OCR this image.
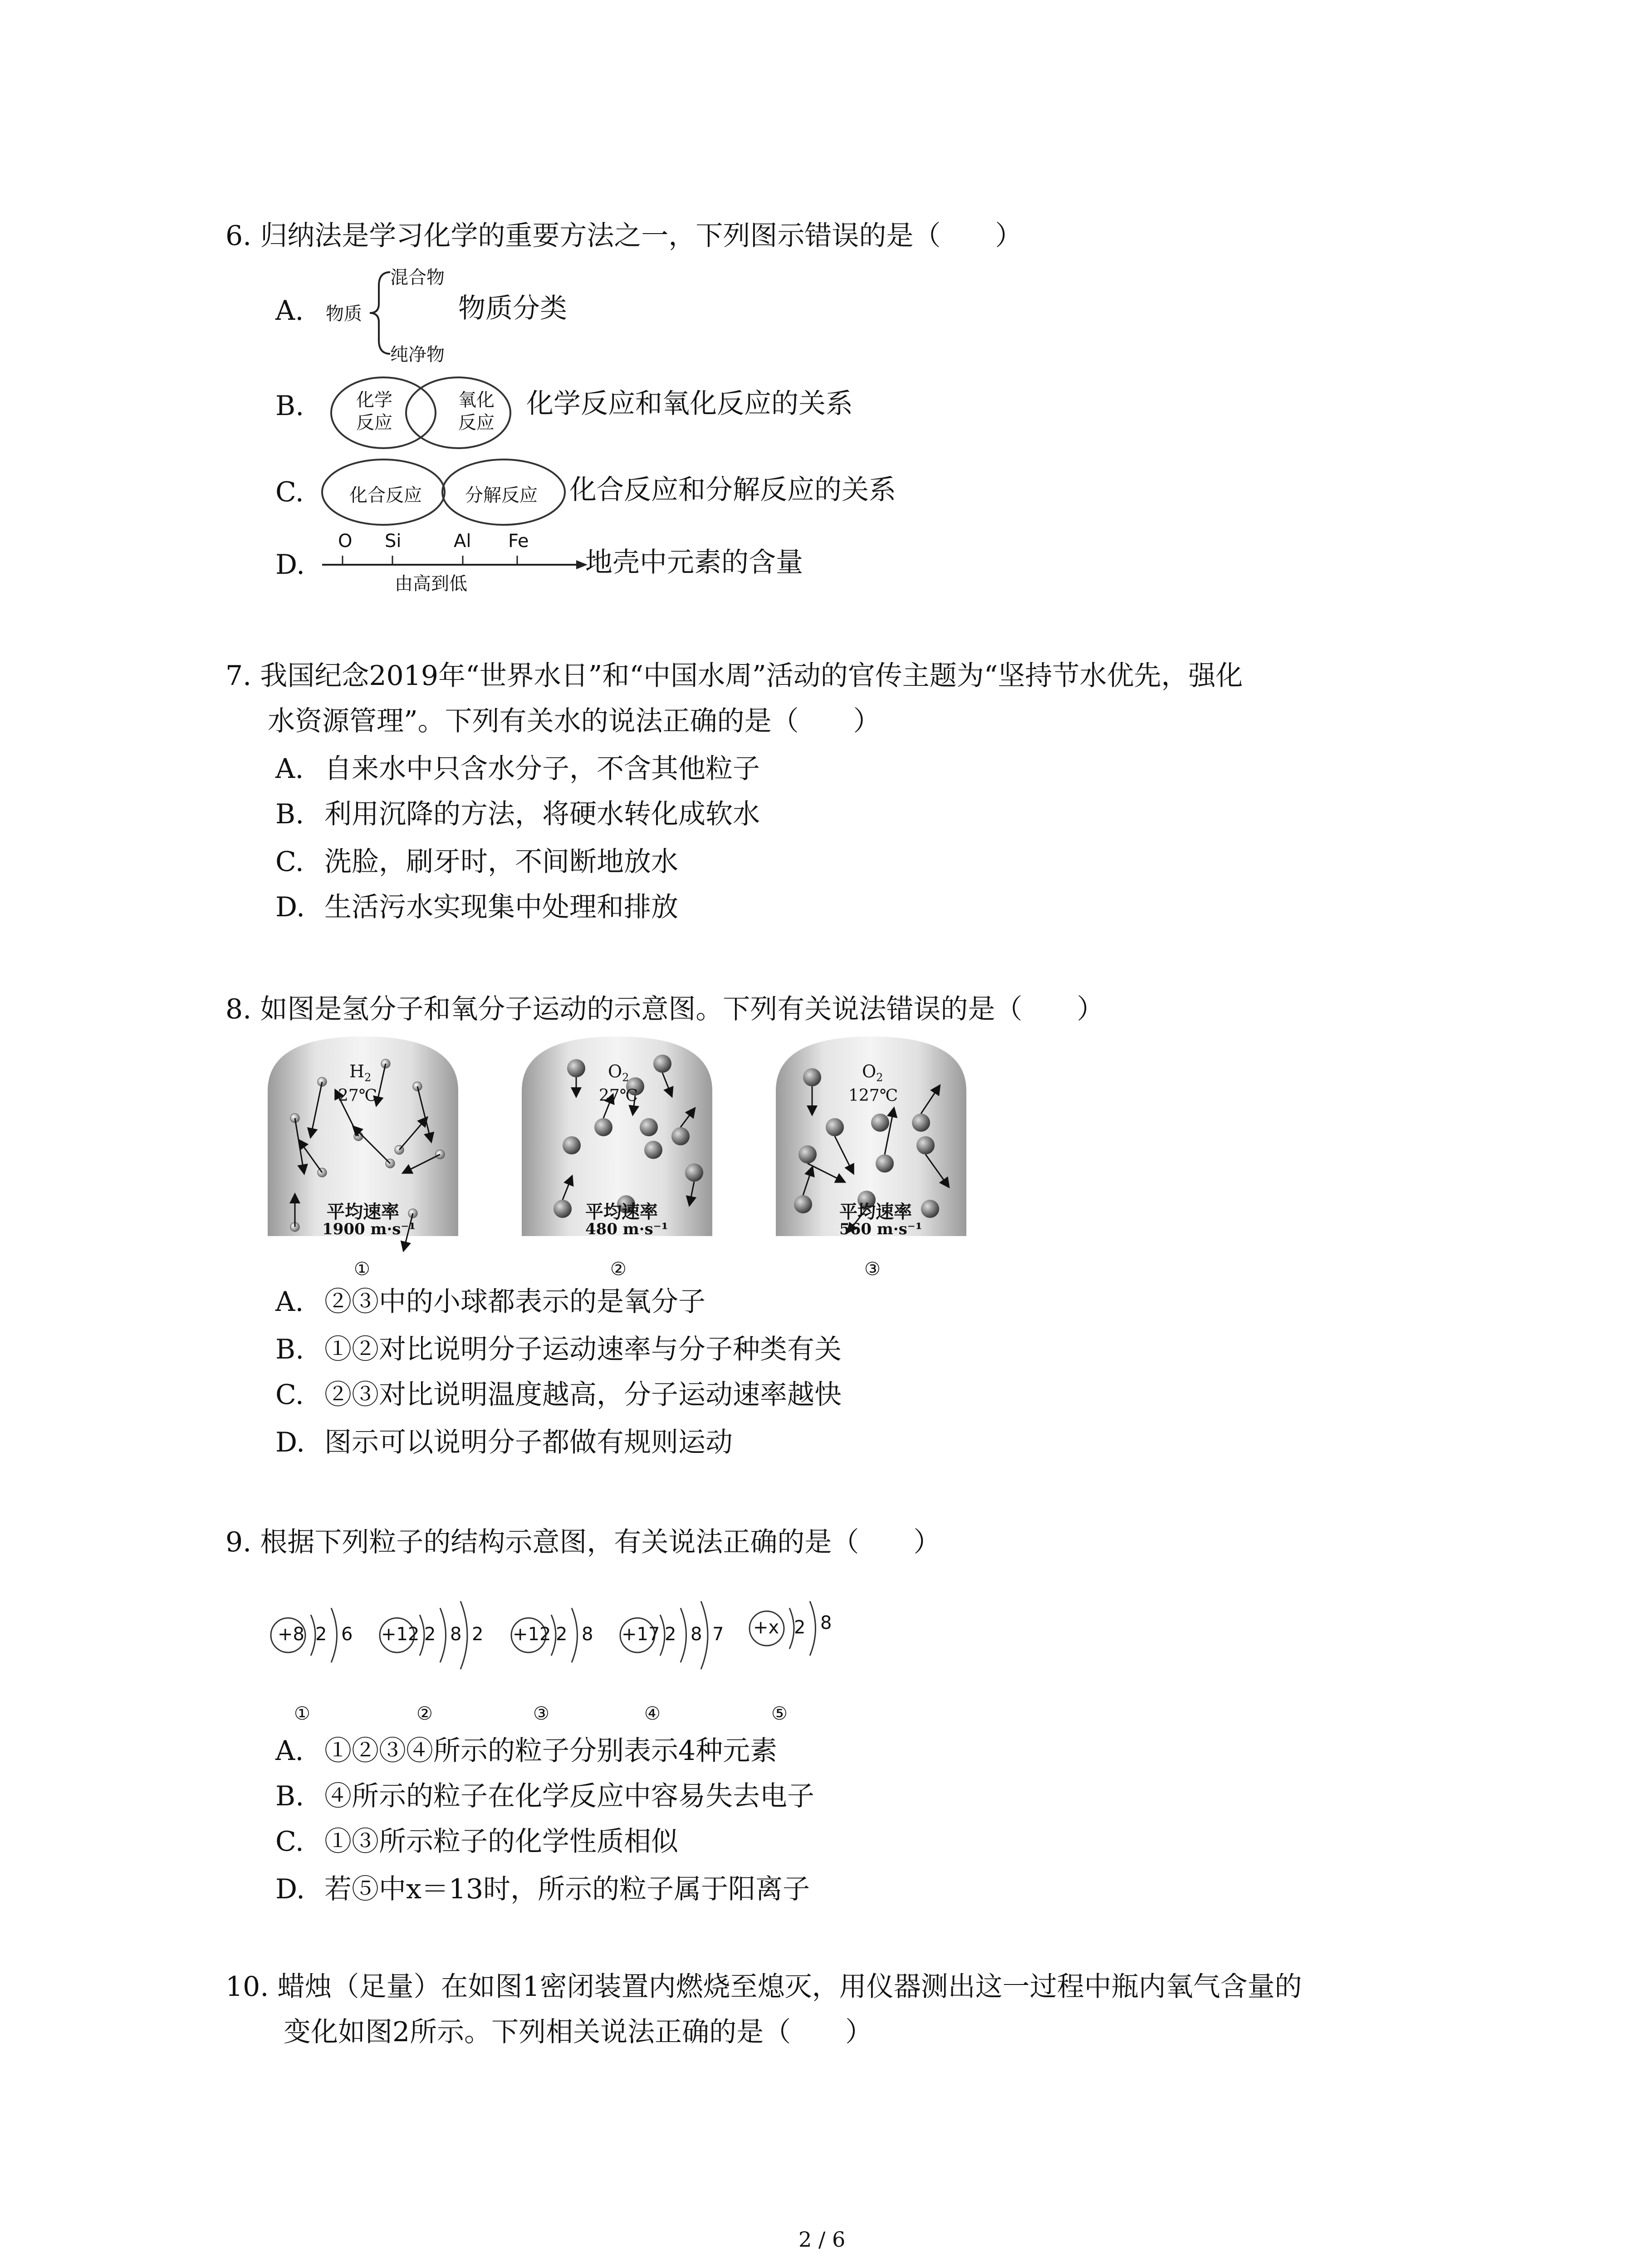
6. 归纳法是学习化学的重要方法之一，下列图示错误的是（　　）
A. 物质
混合物
纯净物
物质分类
B.	化学
反应
氧化
反应
化学反应和氧化反应的关系
C.	化合反应 分解反应 化合反应和分解反应的关系
D.
O Si	Al Fe
由高到低
地壳中元素的含量
7. 我国纪念2019年“世界水日”和“中国水周”活动的官传主题为“坚持节水优先，强化
水资源管理”。下列有关水的说法正确的是（　　）
A. 自来水中只含水分子，不含其他粒子
B. 利用沉降的方法，将硬水转化成软水
C. 洗脸，刷牙时，不间断地放水
D. 生活污水实现集中处理和排放
8. 如图是氢分子和氧分子运动的示意图。下列有关说法错误的是（　　）
$H_2$
27℃
平均速率
1900 m·s⁻¹
①
$O_2$
27℃
平均速率
480 m·s⁻¹
②
$O_2$
127℃
平均速率
560 m·s⁻¹
③
A. ②③中的小球都表示的是氧分子
B. ①②对比说明分子运动速率与分子种类有关
C. ②③对比说明温度越高，分子运动速率越快
D. 图示可以说明分子都做有规则运动
9. 根据下列粒子的结构示意图，有关说法正确的是（　　）
+8	+12	+12	+17	+x
2 6	2 8 2	2 8	2 8 7	2 8
①	②	③	④	⑤
A. ①②③④所示的粒子分别表示4种元素
B. ④所示的粒子在化学反应中容易失去电子
C. ①③所示粒子的化学性质相似
D. 若⑤中x＝13时，所示的粒子属于阳离子
10. 蜡烛（足量）在如图1密闭装置内燃烧至熄灭，用仪器测出这一过程中瓶内氧气含量的
变化如图2所示。下列相关说法正确的是（　　）
2 / 6
